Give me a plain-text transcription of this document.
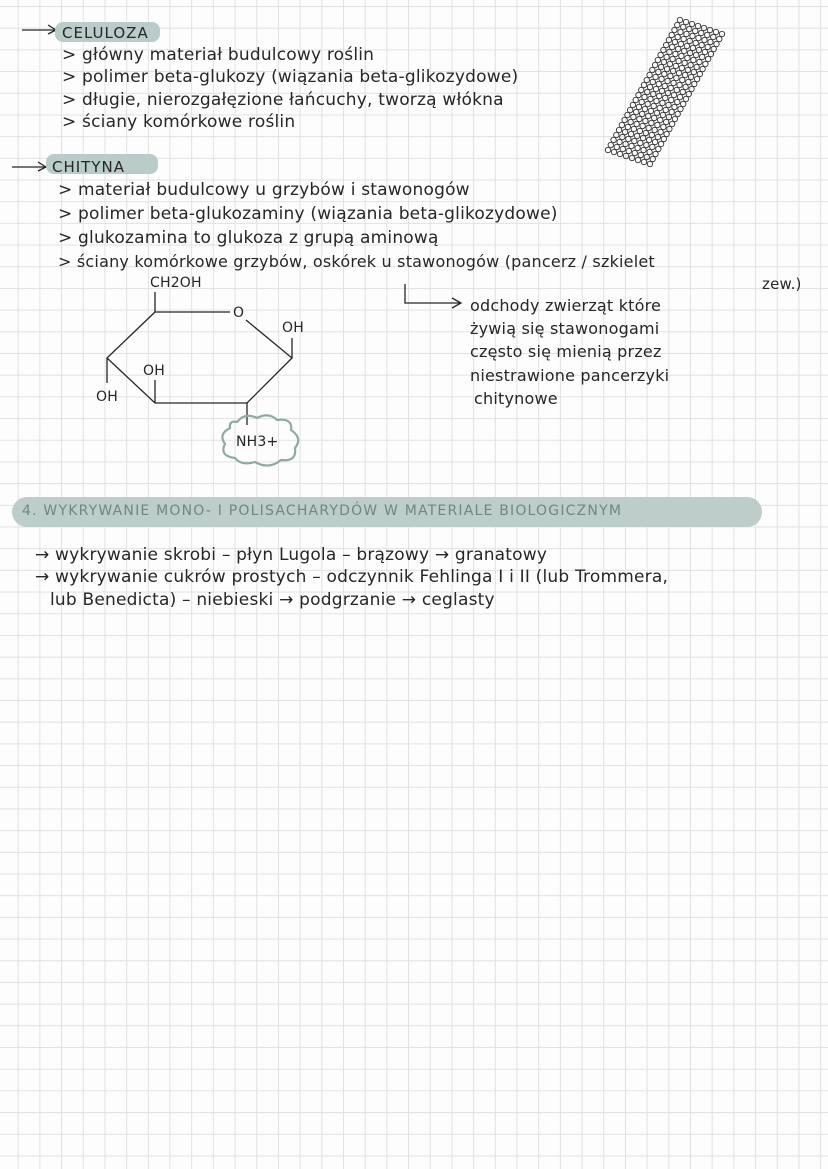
CELULOZA
> główny materiał budulcowy roślin
> polimer beta-glukozy (wiązania beta-glikozydowe)
> długie, nierozgałęzione łańcuchy, tworzą włókna
> ściany komórkowe roślin
CHITYNA
> materiał budulcowy u grzybów i stawonogów
> polimer beta-glukozaminy (wiązania beta-glikozydowe)
> glukozamina to glukoza z grupą aminową
> ściany komórkowe grzybów, oskórek u stawonogów (pancerz / szkielet
zew.)
CH2OH
O
OH
OH
OH
NH3+
odchody zwierząt które
żywią się stawonogami
często się mienią przez
niestrawione pancerzyki
chitynowe
4. WYKRYWANIE MONO- I POLISACHARYDÓW W MATERIALE BIOLOGICZNYM
→ wykrywanie skrobi – płyn Lugola – brązowy → granatowy
→ wykrywanie cukrów prostych – odczynnik Fehlinga I i II (lub Trommera,
lub Benedicta) – niebieski → podgrzanie → ceglasty
